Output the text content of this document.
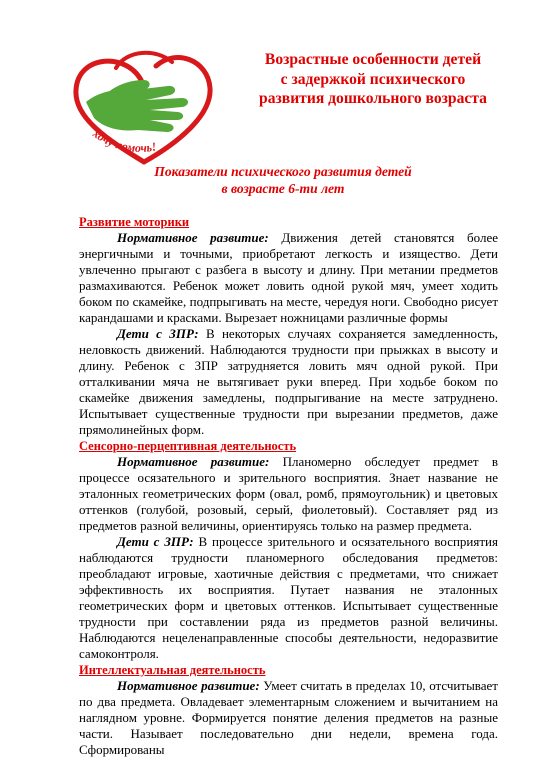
хочу помочь!
Возрастные особенности детей
с задержкой психического
развития дошкольного возраста
Показатели психического развития детей
в возрасте 6-ти лет
Развитие моторики

Нормативное развитие: Движения детей становятся более энергичными и точными, приобретают легкость и изящество. Дети увлеченно прыгают с разбега в высоту и длину. При метании предметов размахиваются. Ребенок может ловить одной рукой мяч, умеет ходить боком по скамейке, подпрыгивать на месте, чередуя ноги. Свободно рисует карандашами и красками. Вырезает ножницами различные формы

Дети с ЗПР: В некоторых случаях сохраняется замедленность, неловкость движений. Наблюдаются трудности при прыжках в высоту и длину. Ребенок с ЗПР затрудняется ловить мяч одной рукой. При отталкивании мяча не вытягивает руки вперед. При ходьбе боком по скамейке движения замедлены, подпрыгивание на месте затруднено. Испытывает существенные трудности при вырезании предметов, даже прямолинейных форм.

Сенсорно-перцептивная деятельность

Нормативное развитие: Планомерно обследует предмет в процессе осязательного и зрительного восприятия. Знает название не эталонных геометрических форм (овал, ромб, прямоугольник) и цветовых оттенков (голубой, розовый, серый, фиолетовый). Составляет ряд из предметов разной величины, ориентируясь только на размер предмета.

Дети с ЗПР: В процессе зрительного и осязательного восприятия наблюдаются трудности планомерного обследования предметов: преобладают игровые, хаотичные действия с предметами, что снижает эффективность их восприятия. Путает названия не эталонных геометрических форм и цветовых оттенков. Испытывает существенные трудности при составлении ряда из предметов разной величины. Наблюдаются нецеленаправленные способы деятельности, недоразвитие самоконтроля.

Интеллектуальная деятельность

Нормативное развитие: Умеет считать в пределах 10, отсчитывает по два предмета. Овладевает элементарным сложением и вычитанием на наглядном уровне. Формируется понятие деления предметов на разные части. Называет последовательно дни недели, времена года. Сформированы
